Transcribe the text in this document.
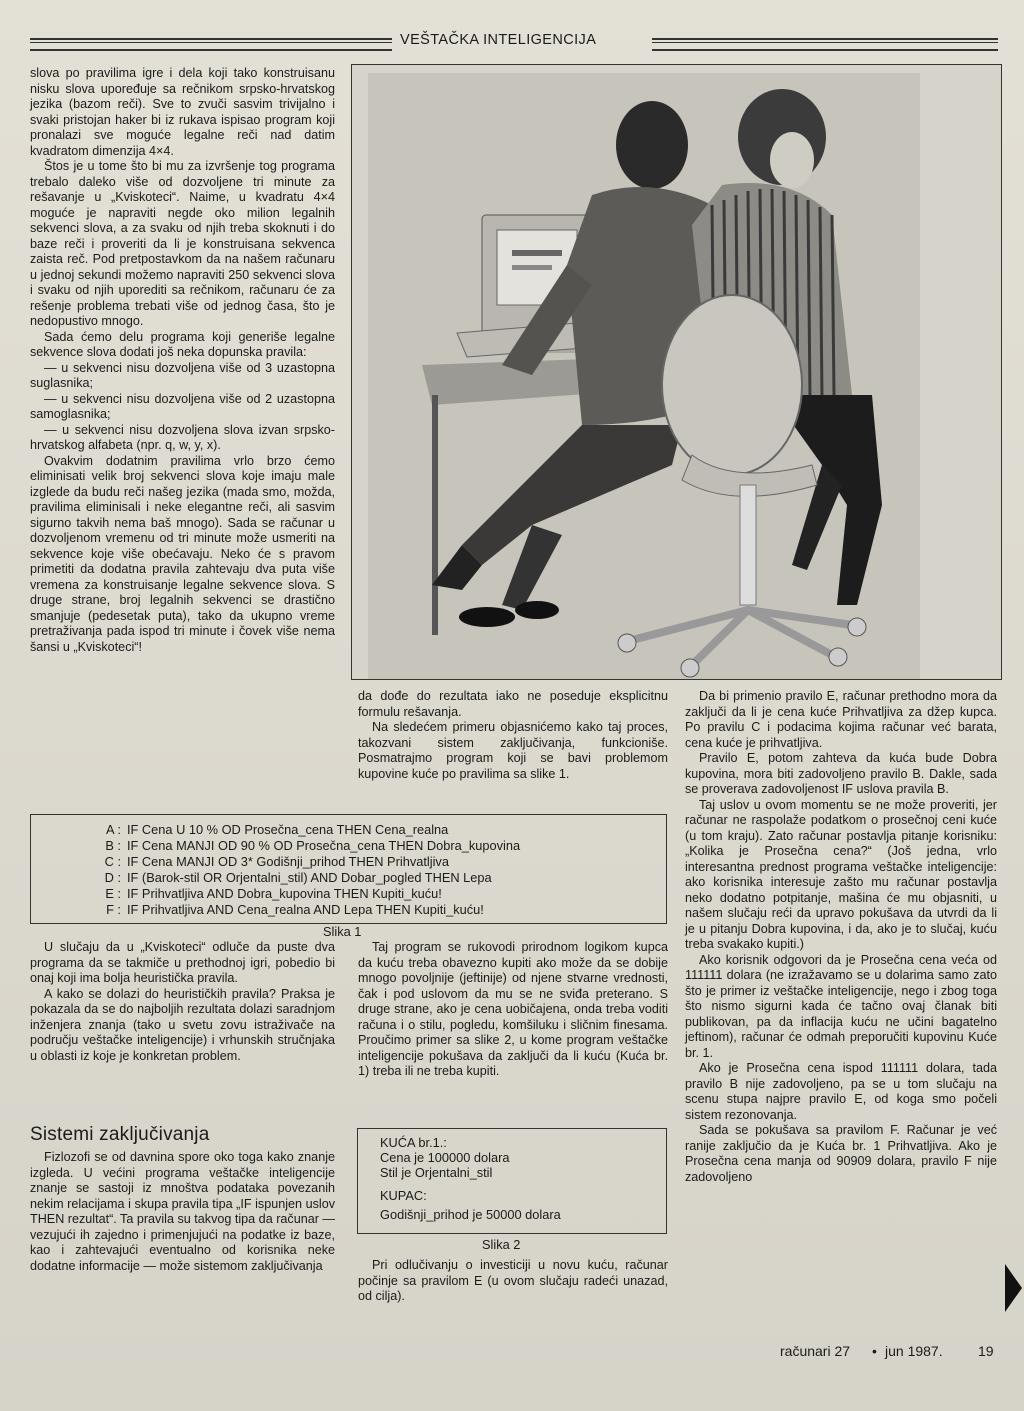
VEŠTAČKA INTELIGENCIJA

slova po pravilima igre i dela koji tako konstruisanu nisku slova upoređuje sa rečnikom srpsko-hrvatskog jezika (bazom reči). Sve to zvuči sasvim trivijalno i svaki pristojan haker bi iz rukava ispisao program koji pronalazi sve moguće legalne reči nad datim kvadratom dimenzija 4×4.

Štos je u tome što bi mu za izvršenje tog programa trebalo daleko više od dozvoljene tri minute za rešavanje u „Kviskoteci“. Naime, u kvadratu 4×4 moguće je napraviti negde oko milion legalnih sekvenci slova, a za svaku od njih treba skoknuti i do baze reči i proveriti da li je konstruisana sekvenca zaista reč. Pod pretpostavkom da na našem računaru u jednoj sekundi možemo napraviti 250 sekvenci slova i svaku od njih uporediti sa rečnikom, računaru će za rešenje problema trebati više od jednog časa, što je nedopustivo mnogo.

Sada ćemo delu programa koji generiše legalne sekvence slova dodati još neka dopunska pravila:

— u sekvenci nisu dozvoljena više od 3 uzastopna suglasnika;

— u sekvenci nisu dozvoljena više od 2 uzastopna samoglasnika;

— u sekvenci nisu dozvoljena slova izvan srpsko-hrvatskog alfabeta (npr. q, w, y, x).

Ovakvim dodatnim pravilima vrlo brzo ćemo eliminisati velik broj sekvenci slova koje imaju male izglede da budu reči našeg jezika (mada smo, možda, pravilima eliminisali i neke elegantne reči, ali sasvim sigurno takvih nema baš mnogo). Sada se računar u dozvoljenom vremenu od tri minute može usmeriti na sekvence koje više obećavaju. Neko će s pravom primetiti da dodatna pravila zahtevaju dva puta više vremena za konstruisanje legalne sekvence slova. S druge strane, broj legalnih sekvenci se drastično smanjuje (pedesetak puta), tako da ukupno vreme pretraživanja pada ispod tri minute i čovek više nema šansi u „Kviskoteci“!

da dođe do rezultata iako ne poseduje eksplicitnu formulu rešavanja.

Na sledećem primeru objasnićemo kako taj proces, takozvani sistem zaključivanja, funkcioniše. Posmatrajmo program koji se bavi problemom kupovine kuće po pravilima sa slike 1.

A : IF Cena U 10 % OD Prosečna_cena THEN Cena_realna
B : IF Cena MANJI OD 90 % OD Prosečna_cena THEN Dobra_kupovina
C : IF Cena MANJI OD 3* Godišnji_prihod THEN Prihvatljiva
D : IF (Barok-stil OR Orjentalni_stil) AND Dobar_pogled THEN Lepa
E : IF Prihvatljiva AND Dobra_kupovina THEN Kupiti_kuću!
F : IF Prihvatljiva AND Cena_realna AND Lepa THEN Kupiti_kuću!
Slika 1

U slučaju da u „Kviskoteci“ odluče da puste dva programa da se takmiče u prethodnoj igri, pobedio bi onaj koji ima bolja heuristička pravila.

A kako se dolazi do heurističkih pravila? Praksa je pokazala da se do najboljih rezultata dolazi saradnjom inženjera znanja (tako u svetu zovu istraživače na području veštačke inteligencije) i vrhunskih stručnjaka u oblasti iz koje je konkretan problem.

Sistemi zaključivanja

Fizlozofi se od davnina spore oko toga kako znanje izgleda. U većini programa veštačke inteligencije znanje se sastoji iz mnoštva podataka povezanih nekim relacijama i skupa pravila tipa „IF ispunjen uslov THEN rezultat“. Ta pravila su takvog tipa da računar — vezujući ih zajedno i primenjujući na podatke iz baze, kao i zahtevajući eventualno od korisnika neke dodatne informacije — može sistemom zaključivanja

Taj program se rukovodi prirodnom logikom kupca da kuću treba obavezno kupiti ako može da se dobije mnogo povoljnije (jeftinije) od njene stvarne vrednosti, čak i pod uslovom da mu se ne sviđa preterano. S druge strane, ako je cena uobičajena, onda treba voditi računa i o stilu, pogledu, komšiluku i sličnim finesama. Proučimo primer sa slike 2, u kome program veštačke inteligencije pokušava da zaključi da li kuću (Kuća br. 1) treba ili ne treba kupiti.

KUĆA br.1.:
Cena je 100000 dolara
Stil je Orjentalni_stil
KUPAC:
Godišnji_prihod je 50000 dolara
Slika 2

Pri odlučivanju o investiciji u novu kuću, računar počinje sa pravilom E (u ovom slučaju radeći unazad, od cilja).

Da bi primenio pravilo E, računar prethodno mora da zaključi da li je cena kuće Prihvatljiva za džep kupca. Po pravilu C i podacima kojima računar već barata, cena kuće je prihvatljiva.

Pravilo E, potom zahteva da kuća bude Dobra kupovina, mora biti zadovoljeno pravilo B. Dakle, sada se proverava zadovoljenost IF uslova pravila B.

Taj uslov u ovom momentu se ne može proveriti, jer računar ne raspolaže podatkom o prosečnoj ceni kuće (u tom kraju). Zato računar postavlja pitanje korisniku: „Kolika je Prosečna cena?“ (Još jedna, vrlo interesantna prednost programa veštačke inteligencije: ako korisnika interesuje zašto mu računar postavlja neko dodatno potpitanje, mašina će mu objasniti, u našem slučaju reći da upravo pokušava da utvrdi da li je u pitanju Dobra kupovina, i da, ako je to slučaj, kuću treba svakako kupiti.)

Ako korisnik odgovori da je Prosečna cena veća od 111111 dolara (ne izražavamo se u dolarima samo zato što je primer iz veštačke inteligencije, nego i zbog toga što nismo sigurni kada će tačno ovaj članak biti publikovan, pa da inflacija kuću ne učini bagatelno jeftinom), računar će odmah preporučiti kupovinu Kuće br. 1.

Ako je Prosečna cena ispod 111111 dolara, tada pravilo B nije zadovoljeno, pa se u tom slučaju na scenu stupa najpre pravilo E, od koga smo počeli sistem rezonovanja.

Sada se pokušava sa pravilom F. Računar je već ranije zaključio da je Kuća br. 1 Prihvatljiva. Ako je Prosečna cena manja od 90909 dolara, pravilo F nije zadovoljeno

računari 27 • jun 1987.	19
